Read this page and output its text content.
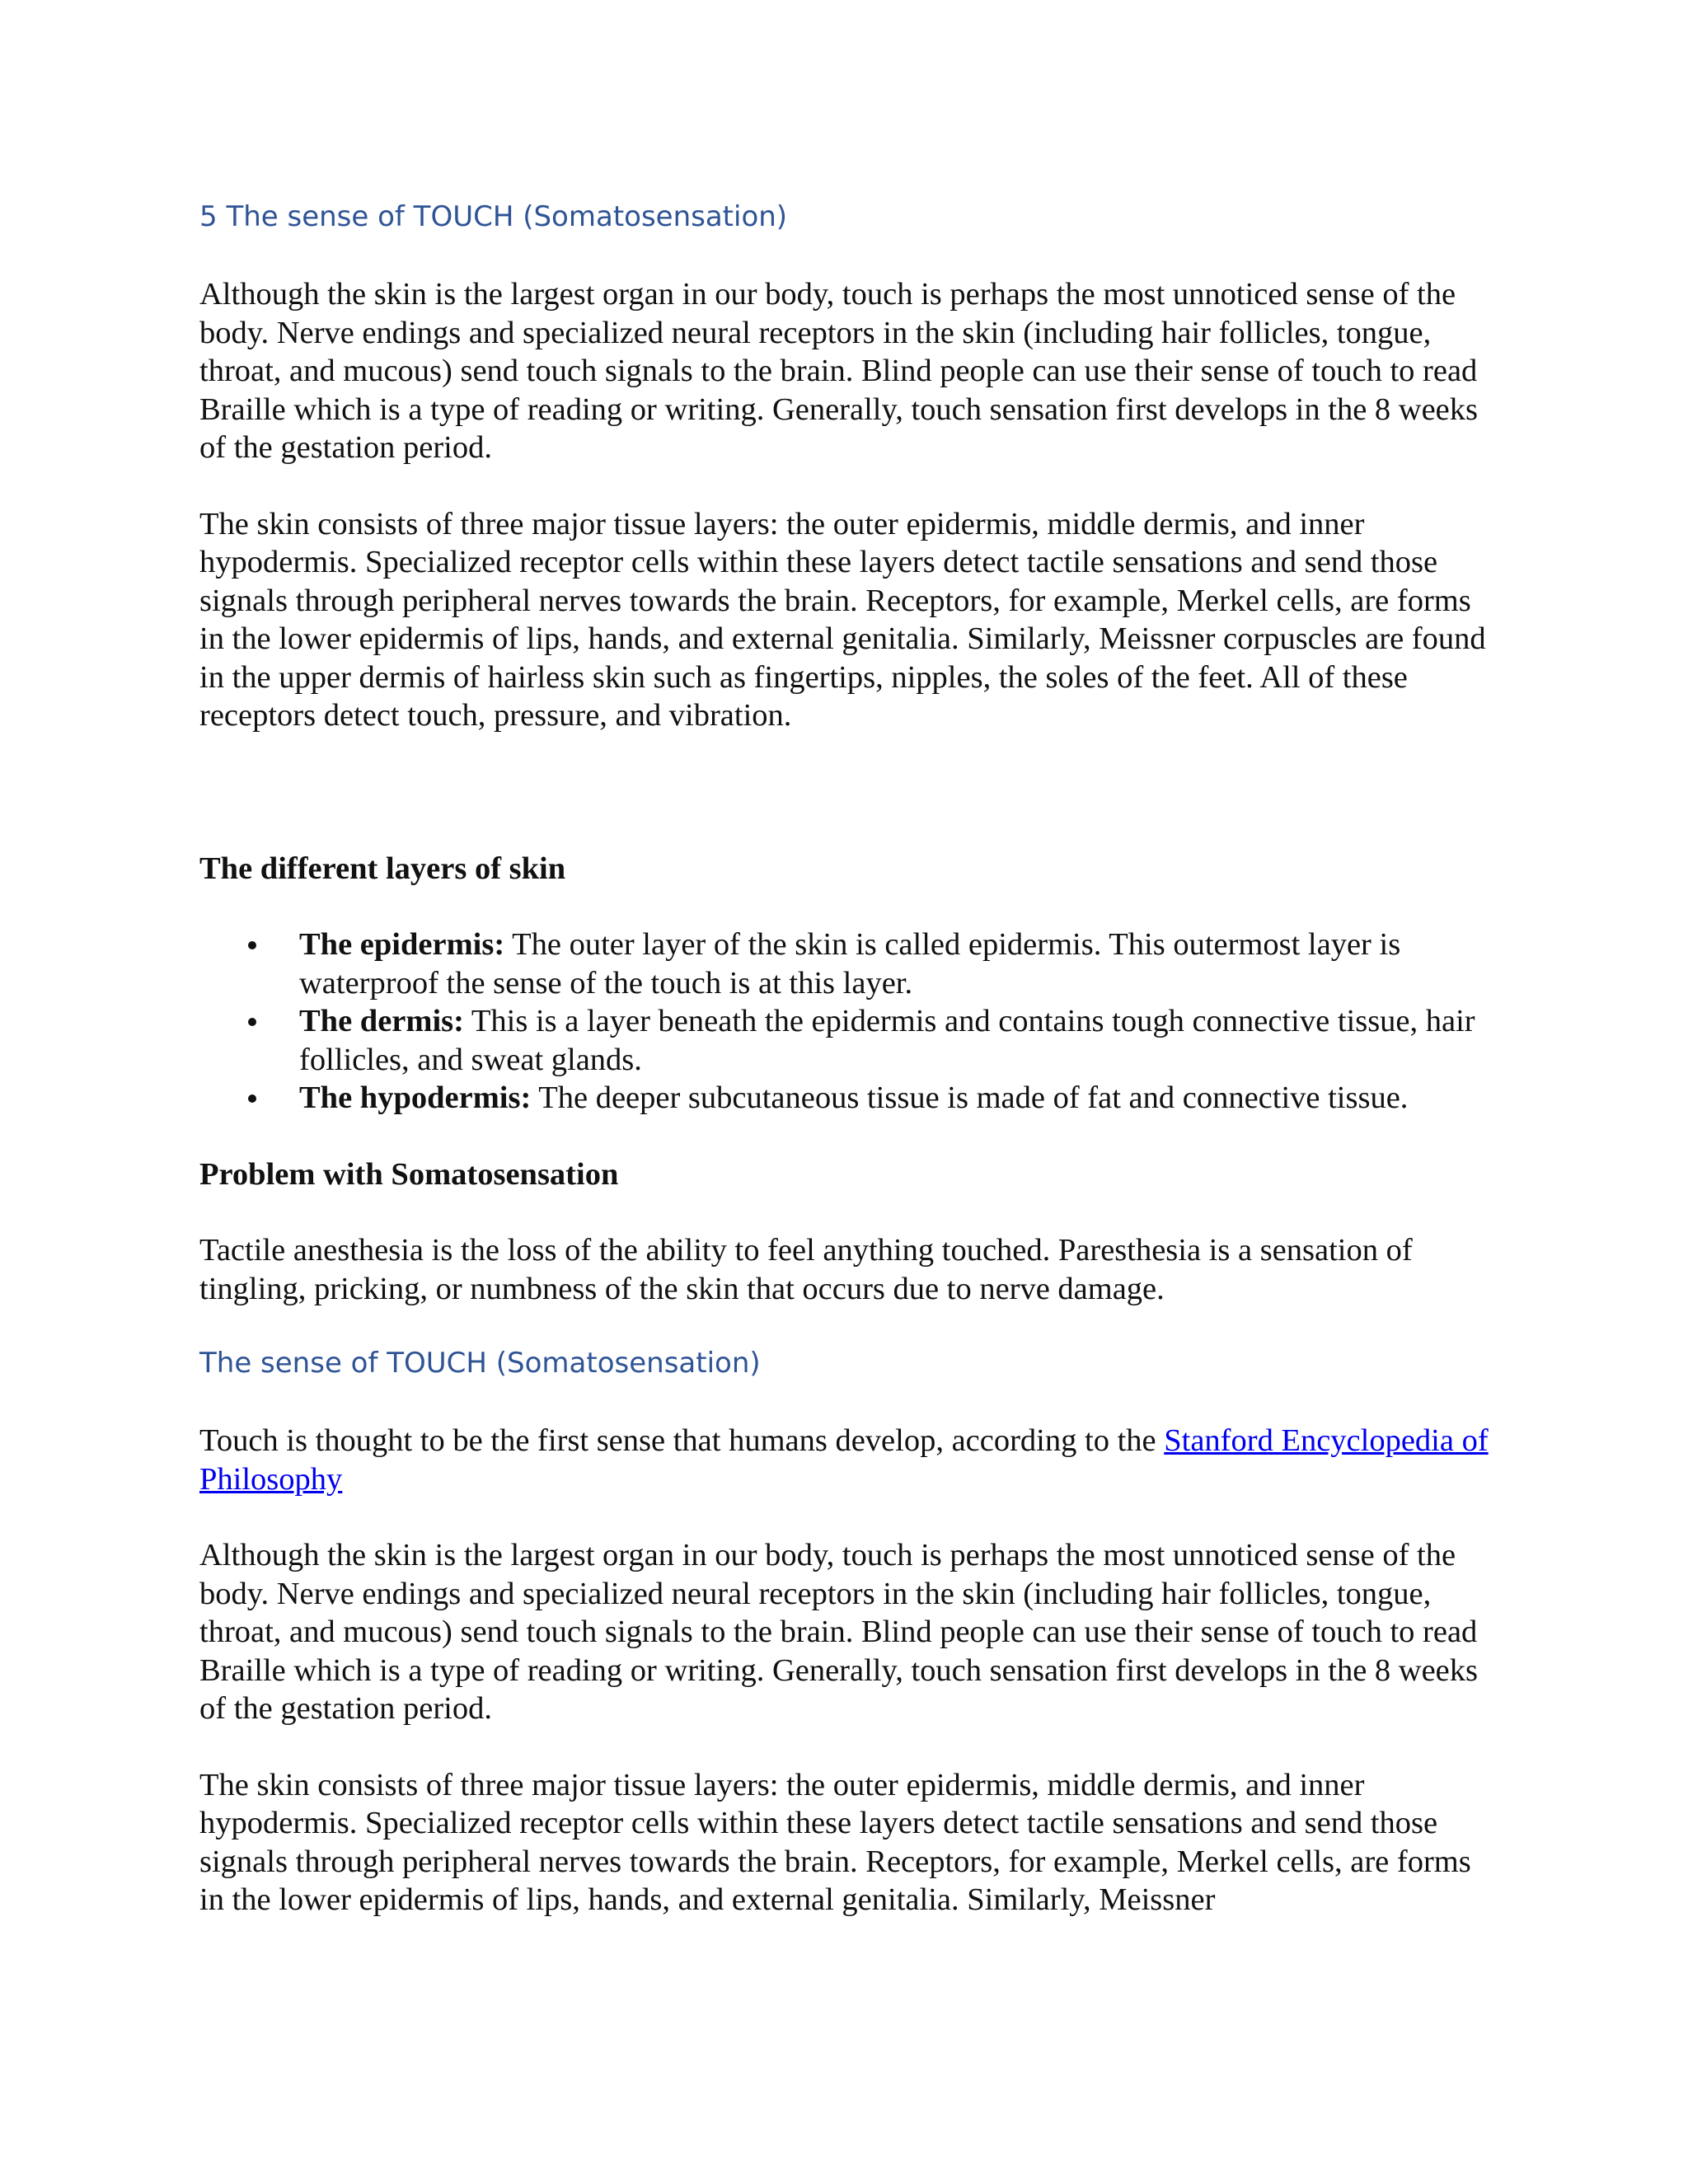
5 The sense of TOUCH (Somatosensation)

Although the skin is the largest organ in our body, touch is perhaps the most unnoticed sense of the body. Nerve endings and specialized neural receptors in the skin (including hair follicles, tongue, throat, and mucous) send touch signals to the brain. Blind people can use their sense of touch to read Braille which is a type of reading or writing. Generally, touch sensation first develops in the 8 weeks of the gestation period.

The skin consists of three major tissue layers: the outer epidermis, middle dermis, and inner hypodermis. Specialized receptor cells within these layers detect tactile sensations and send those signals through peripheral nerves towards the brain. Receptors, for example, Merkel cells, are forms in the lower epidermis of lips, hands, and external genitalia. Similarly, Meissner corpuscles are found in the upper dermis of hairless skin such as fingertips, nipples, the soles of the feet. All of these receptors detect touch, pressure, and vibration.

The different layers of skin

The epidermis: The outer layer of the skin is called epidermis. This outermost layer is waterproof the sense of the touch is at this layer.
The dermis: This is a layer beneath the epidermis and contains tough connective tissue, hair follicles, and sweat glands.
The hypodermis: The deeper subcutaneous tissue is made of fat and connective tissue.

Problem with Somatosensation

Tactile anesthesia is the loss of the ability to feel anything touched. Paresthesia is a sensation of tingling, pricking, or numbness of the skin that occurs due to nerve damage.

The sense of TOUCH (Somatosensation)

Touch is thought to be the first sense that humans develop, according to the Stanford Encyclopedia of Philosophy

Although the skin is the largest organ in our body, touch is perhaps the most unnoticed sense of the body. Nerve endings and specialized neural receptors in the skin (including hair follicles, tongue, throat, and mucous) send touch signals to the brain. Blind people can use their sense of touch to read Braille which is a type of reading or writing. Generally, touch sensation first develops in the 8 weeks of the gestation period.

The skin consists of three major tissue layers: the outer epidermis, middle dermis, and inner hypodermis. Specialized receptor cells within these layers detect tactile sensations and send those signals through peripheral nerves towards the brain. Receptors, for example, Merkel cells, are forms in the lower epidermis of lips, hands, and external genitalia. Similarly, Meissner
